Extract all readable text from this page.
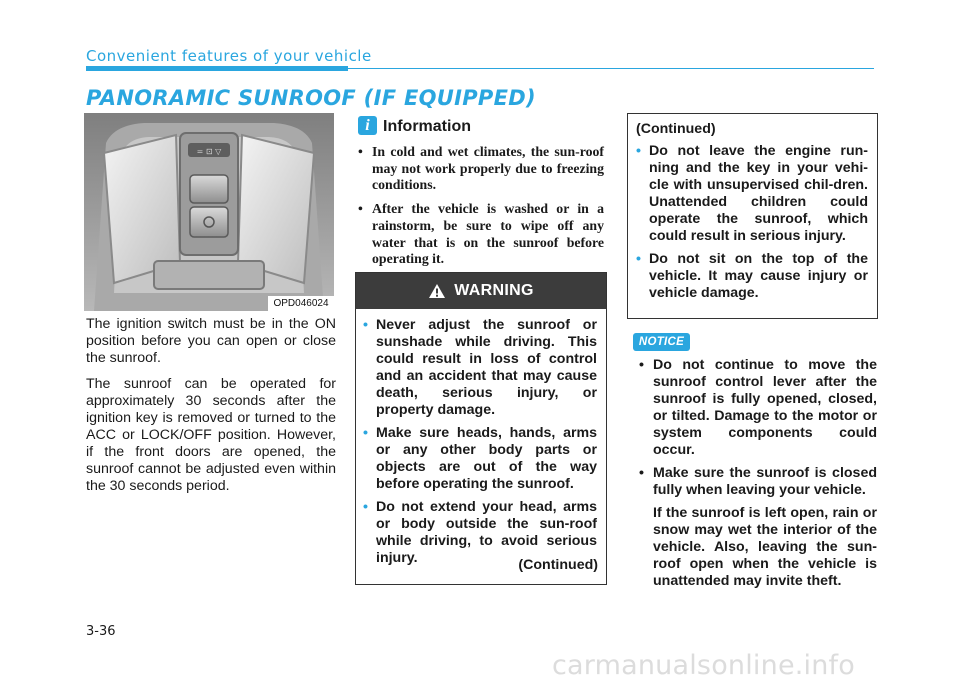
Convenient features of your vehicle
PANORAMIC SUNROOF (IF EQUIPPED)
= ⊡ ▽
OPD046024

The ignition switch must be in the ON position before you can open or close the sunroof.

The sunroof can be operated for approximately 30 seconds after the ignition key is removed or turned to the ACC or LOCK/OFF position. However, if the front doors are opened, the sunroof cannot be adjusted even within the 30 seconds period.

i Information
• In cold and wet climates, the sun-roof may not work properly due to freezing conditions.
• After the vehicle is washed or in a rainstorm, be sure to wipe off any water that is on the sunroof before operating it.
WARNING
• Never adjust the sunroof or sunshade while driving. This could result in loss of control and an accident that may cause death, serious injury, or property damage.
• Make sure heads, hands, arms or any other body parts or objects are out of the way before operating the sunroof.
• Do not extend your head, arms or body outside the sun-roof while driving, to avoid serious injury.	(Continued)
(Continued)
• Do not leave the engine run-ning and the key in your vehi-cle with unsupervised chil-dren. Unattended children could operate the sunroof, which could result in serious injury.
• Do not sit on the top of the vehicle. It may cause injury or vehicle damage.
NOTICE
• Do not continue to move the sunroof control lever after the sunroof is fully opened, closed, or tilted. Damage to the motor or system components could occur.
• Make sure the sunroof is closed fully when leaving your vehicle.

If the sunroof is left open, rain or snow may wet the interior of the vehicle. Also, leaving the sun-roof open when the vehicle is unattended may invite theft.

3-36
carmanualsonline.info
